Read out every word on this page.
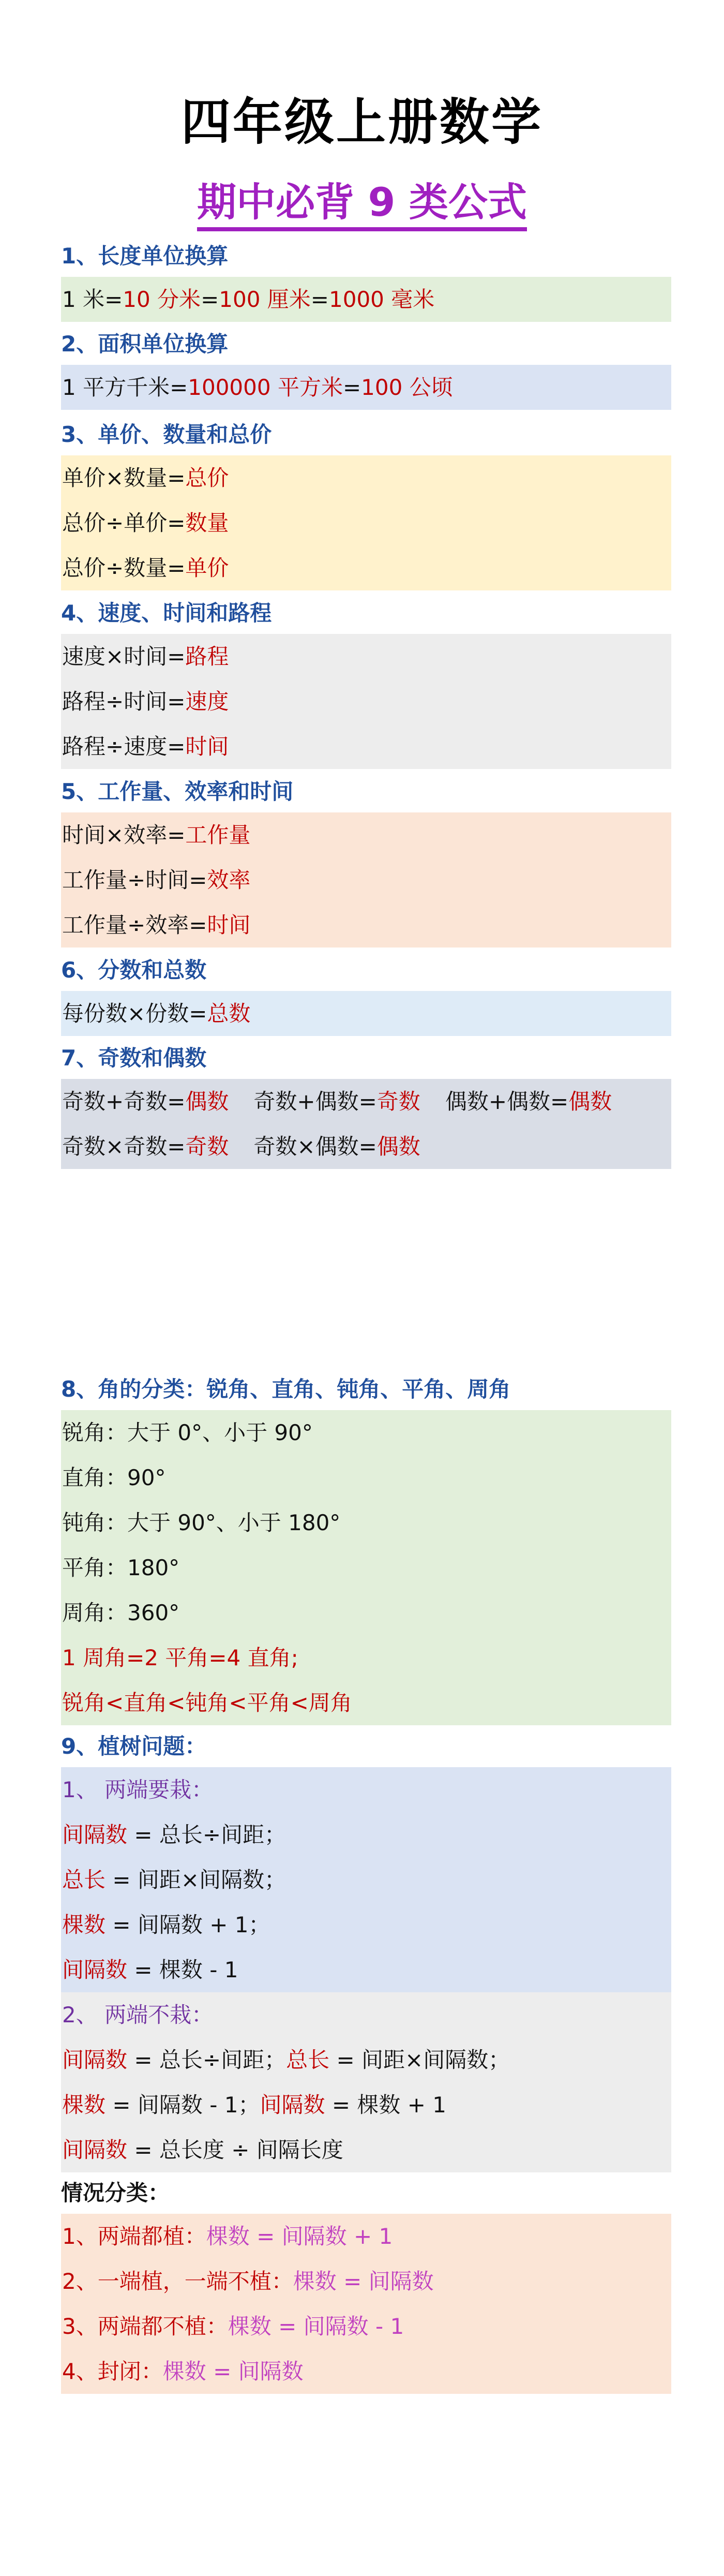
四年级上册数学
期中必背 9 类公式
1、长度单位换算
1 米=10 分米=100 厘米=1000 毫米
2、面积单位换算
1 平方千米=100000 平方米=100 公顷
3、单价、数量和总价
单价×数量=总价
总价÷单价=数量
总价÷数量=单价
4、速度、时间和路程
速度×时间=路程
路程÷时间=速度
路程÷速度=时间
5、工作量、效率和时间
时间×效率=工作量
工作量÷时间=效率
工作量÷效率=时间
6、分数和总数
每份数×份数=总数
7、奇数和偶数
奇数+奇数=偶数 奇数+偶数=奇数 偶数+偶数=偶数
奇数×奇数=奇数 奇数×偶数=偶数
8、角的分类：锐角、直角、钝角、平角、周角
锐角：大于 0°、小于 90°
直角：90°
钝角：大于 90°、小于 180°
平角：180°
周角：360°
1 周角=2 平角=4 直角;
锐角<直角<钝角<平角<周角
9、植树问题：
1、 两端要栽：
间隔数 = 总长÷间距；
总长 = 间距×间隔数；
棵数 = 间隔数 + 1；
间隔数 = 棵数 - 1
2、 两端不栽：
间隔数 = 总长÷间距；总长 = 间距×间隔数；
棵数 = 间隔数 - 1；间隔数 = 棵数 + 1
间隔数 = 总长度 ÷ 间隔长度
情况分类：
1、两端都植：棵数 = 间隔数 + 1
2、一端植，一端不植：棵数 = 间隔数
3、两端都不植：棵数 = 间隔数 - 1
4、封闭：棵数 = 间隔数
